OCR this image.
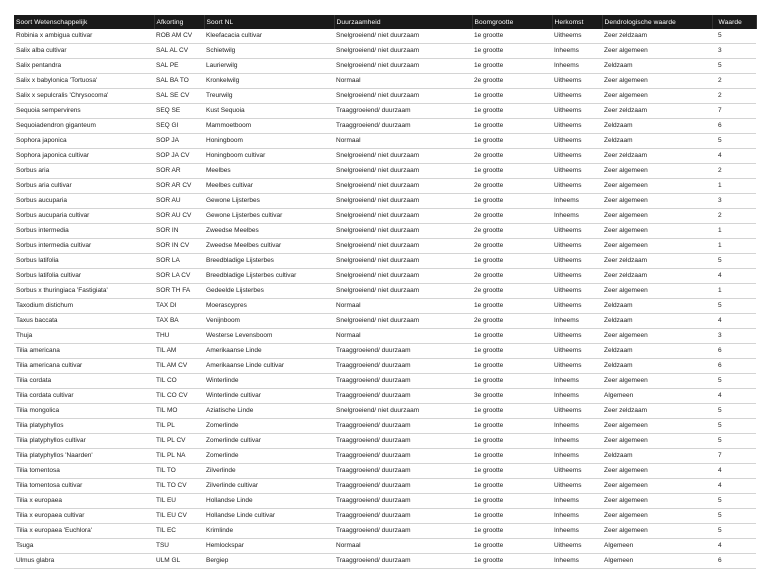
Soort Wetenschappelijk	Afkorting	Soort NL	Duurzaamheid	Boomgrootte	Herkomst	Dendrologische waarde	Waarde
Robinia x ambigua cultivar	ROB AM CV	Kleefacacia cultivar	Snelgroeiend/ niet duurzaam	1e grootte	Uitheems	Zeer zeldzaam	5
Salix alba cultivar	SAL AL CV	Schietwilg	Snelgroeiend/ niet duurzaam	1e grootte	Inheems	Zeer algemeen	3
Salix pentandra	SAL PE	Laurierwilg	Snelgroeiend/ niet duurzaam	1e grootte	Inheems	Zeldzaam	5
Salix x babylonica 'Tortuosa'	SAL BA TO	Kronkelwilg	Normaal	2e grootte	Uitheems	Zeer algemeen	2
Salix x sepulcralis 'Chrysocoma'	SAL SE CV	Treurwilg	Snelgroeiend/ niet duurzaam	1e grootte	Uitheems	Zeer algemeen	2
Sequoia sempervirens	SEQ SE	Kust Sequoia	Traaggroeiend/ duurzaam	1e grootte	Uitheems	Zeer zeldzaam	7
Sequoiadendron giganteum	SEQ GI	Mammoetboom	Traaggroeiend/ duurzaam	1e grootte	Uitheems	Zeldzaam	6
Sophora japonica	SOP JA	Honingboom	Normaal	1e grootte	Uitheems	Zeldzaam	5
Sophora japonica cultivar	SOP JA CV	Honingboom cultivar	Snelgroeiend/ niet duurzaam	2e grootte	Uitheems	Zeer zeldzaam	4
Sorbus aria	SOR AR	Meelbes	Snelgroeiend/ niet duurzaam	1e grootte	Uitheems	Zeer algemeen	2
Sorbus aria cultivar	SOR AR CV	Meelbes cultivar	Snelgroeiend/ niet duurzaam	2e grootte	Uitheems	Zeer algemeen	1
Sorbus aucuparia	SOR AU	Gewone Lijsterbes	Snelgroeiend/ niet duurzaam	1e grootte	Inheems	Zeer algemeen	3
Sorbus aucuparia cultivar	SOR AU CV	Gewone Lijsterbes cultivar	Snelgroeiend/ niet duurzaam	2e grootte	Inheems	Zeer algemeen	2
Sorbus intermedia	SOR IN	Zweedse Meelbes	Snelgroeiend/ niet duurzaam	2e grootte	Uitheems	Zeer algemeen	1
Sorbus intermedia cultivar	SOR IN CV	Zweedse Meelbes cultivar	Snelgroeiend/ niet duurzaam	2e grootte	Uitheems	Zeer algemeen	1
Sorbus latifolia	SOR LA	Breedbladige Lijsterbes	Snelgroeiend/ niet duurzaam	1e grootte	Uitheems	Zeer zeldzaam	5
Sorbus latifolia cultivar	SOR LA CV	Breedbladige Lijsterbes cultivar	Snelgroeiend/ niet duurzaam	2e grootte	Uitheems	Zeer zeldzaam	4
Sorbus x thuringiaca 'Fastigiata'	SOR TH FA	Gedeelde Lijsterbes	Snelgroeiend/ niet duurzaam	2e grootte	Uitheems	Zeer algemeen	1
Taxodium distichum	TAX DI	Moerascypres	Normaal	1e grootte	Uitheems	Zeldzaam	5
Taxus baccata	TAX BA	Venijnboom	Snelgroeiend/ niet duurzaam	2e grootte	Inheems	Zeldzaam	4
Thuja	THU	Westerse Levensboom	Normaal	1e grootte	Uitheems	Zeer algemeen	3
Tilia americana	TIL AM	Amerikaanse Linde	Traaggroeiend/ duurzaam	1e grootte	Uitheems	Zeldzaam	6
Tilia americana cultivar	TIL AM CV	Amerikaanse Linde cultivar	Traaggroeiend/ duurzaam	1e grootte	Uitheems	Zeldzaam	6
Tilia cordata	TIL CO	Winterlinde	Traaggroeiend/ duurzaam	1e grootte	Inheems	Zeer algemeen	5
Tilia cordata cultivar	TIL CO CV	Winterlinde cultivar	Traaggroeiend/ duurzaam	3e grootte	Inheems	Algemeen	4
Tilia mongolica	TIL MO	Aziatische Linde	Snelgroeiend/ niet duurzaam	1e grootte	Uitheems	Zeer zeldzaam	5
Tilia platyphyllos	TIL PL	Zomerlinde	Traaggroeiend/ duurzaam	1e grootte	Inheems	Zeer algemeen	5
Tilia platyphyllos cultivar	TIL PL CV	Zomerlinde cultivar	Traaggroeiend/ duurzaam	1e grootte	Inheems	Zeer algemeen	5
Tilia platyphyllos 'Naarden'	TIL PL NA	Zomerlinde	Traaggroeiend/ duurzaam	1e grootte	Inheems	Zeldzaam	7
Tilia tomentosa	TIL TO	Zilverlinde	Traaggroeiend/ duurzaam	1e grootte	Uitheems	Zeer algemeen	4
Tilia tomentosa cultivar	TIL TO CV	Zilverlinde cultivar	Traaggroeiend/ duurzaam	1e grootte	Uitheems	Zeer algemeen	4
Tilia x europaea	TIL EU	Hollandse Linde	Traaggroeiend/ duurzaam	1e grootte	Inheems	Zeer algemeen	5
Tilia x europaea cultivar	TIL EU CV	Hollandse Linde cultivar	Traaggroeiend/ duurzaam	1e grootte	Inheems	Zeer algemeen	5
Tilia x europaea 'Euchlora'	TIL EC	Krimlinde	Traaggroeiend/ duurzaam	1e grootte	Inheems	Zeer algemeen	5
Tsuga	TSU	Hemlockspar	Normaal	1e grootte	Uitheems	Algemeen	4
Ulmus glabra	ULM GL	Bergiep	Traaggroeiend/ duurzaam	1e grootte	Inheems	Algemeen	6
